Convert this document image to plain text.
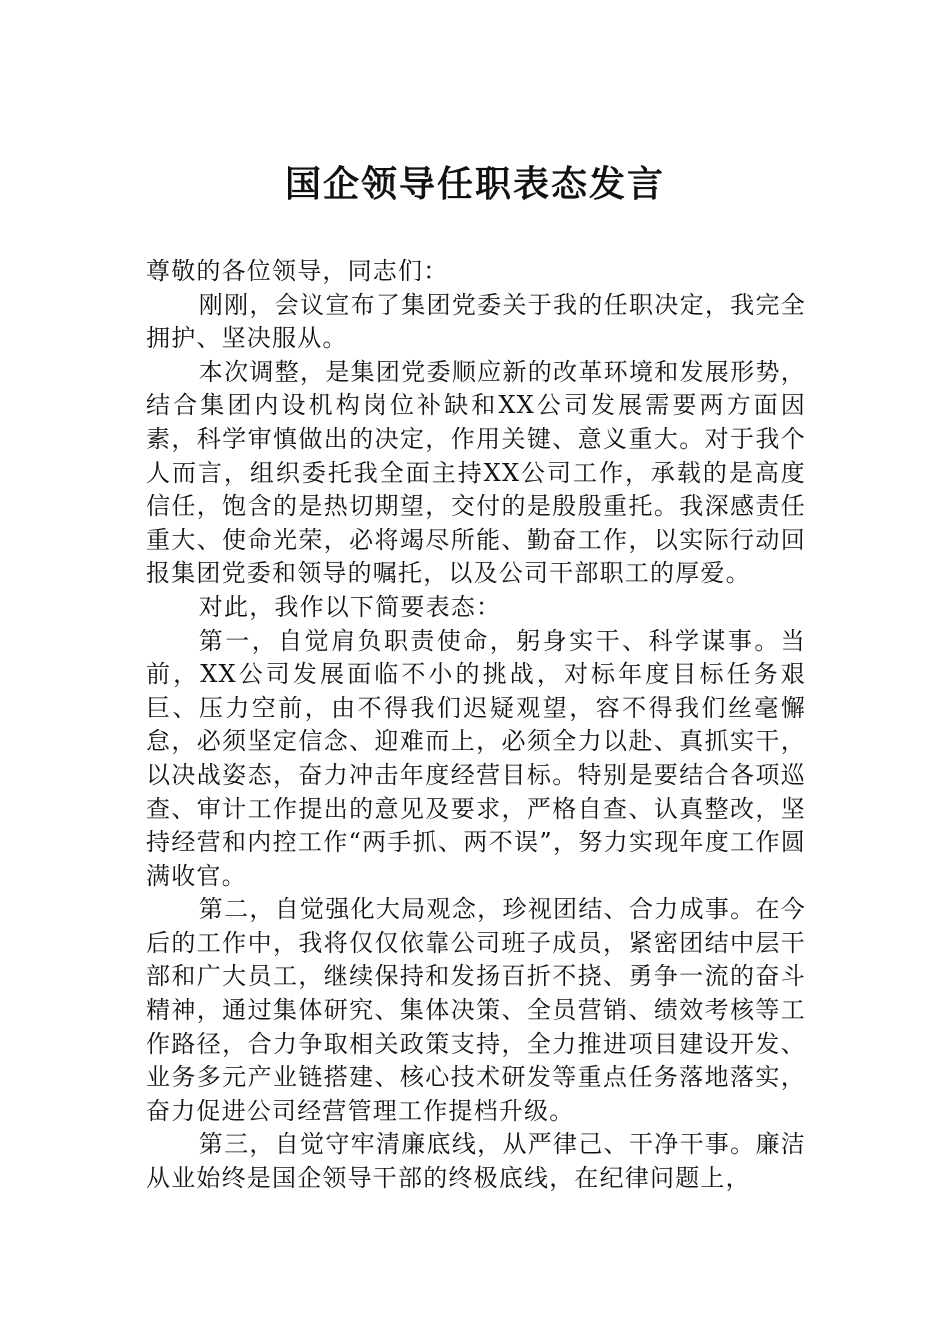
国企领导任职表态发言

尊敬的各位领导，同志们：

刚刚，会议宣布了集团党委关于我的任职决定，我完全拥护、坚决服从。

本次调整，是集团党委顺应新的改革环境和发展形势，结合集团内设机构岗位补缺和XX公司发展需要两方面因素，科学审慎做出的决定，作用关键、意义重大。对于我个人而言，组织委托我全面主持XX公司工作，承载的是高度信任，饱含的是热切期望，交付的是殷殷重托。我深感责任重大、使命光荣，必将竭尽所能、勤奋工作，以实际行动回报集团党委和领导的嘱托，以及公司干部职工的厚爱。

对此，我作以下简要表态：

第一，自觉肩负职责使命，躬身实干、科学谋事。当前，XX公司发展面临不小的挑战，对标年度目标任务艰巨、压力空前，由不得我们迟疑观望，容不得我们丝毫懈怠，必须坚定信念、迎难而上，必须全力以赴、真抓实干，以决战姿态，奋力冲击年度经营目标。特别是要结合各项巡查、审计工作提出的意见及要求，严格自查、认真整改，坚持经营和内控工作“两手抓、两不误”，努力实现年度工作圆满收官。

第二，自觉强化大局观念，珍视团结、合力成事。在今后的工作中，我将仅仅依靠公司班子成员，紧密团结中层干部和广大员工，继续保持和发扬百折不挠、勇争一流的奋斗精神，通过集体研究、集体决策、全员营销、绩效考核等工作路径，合力争取相关政策支持，全力推进项目建设开发、业务多元产业链搭建、核心技术研发等重点任务落地落实，奋力促进公司经营管理工作提档升级。

第三，自觉守牢清廉底线，从严律己、干净干事。廉洁从业始终是国企领导干部的终极底线，在纪律问题上，
